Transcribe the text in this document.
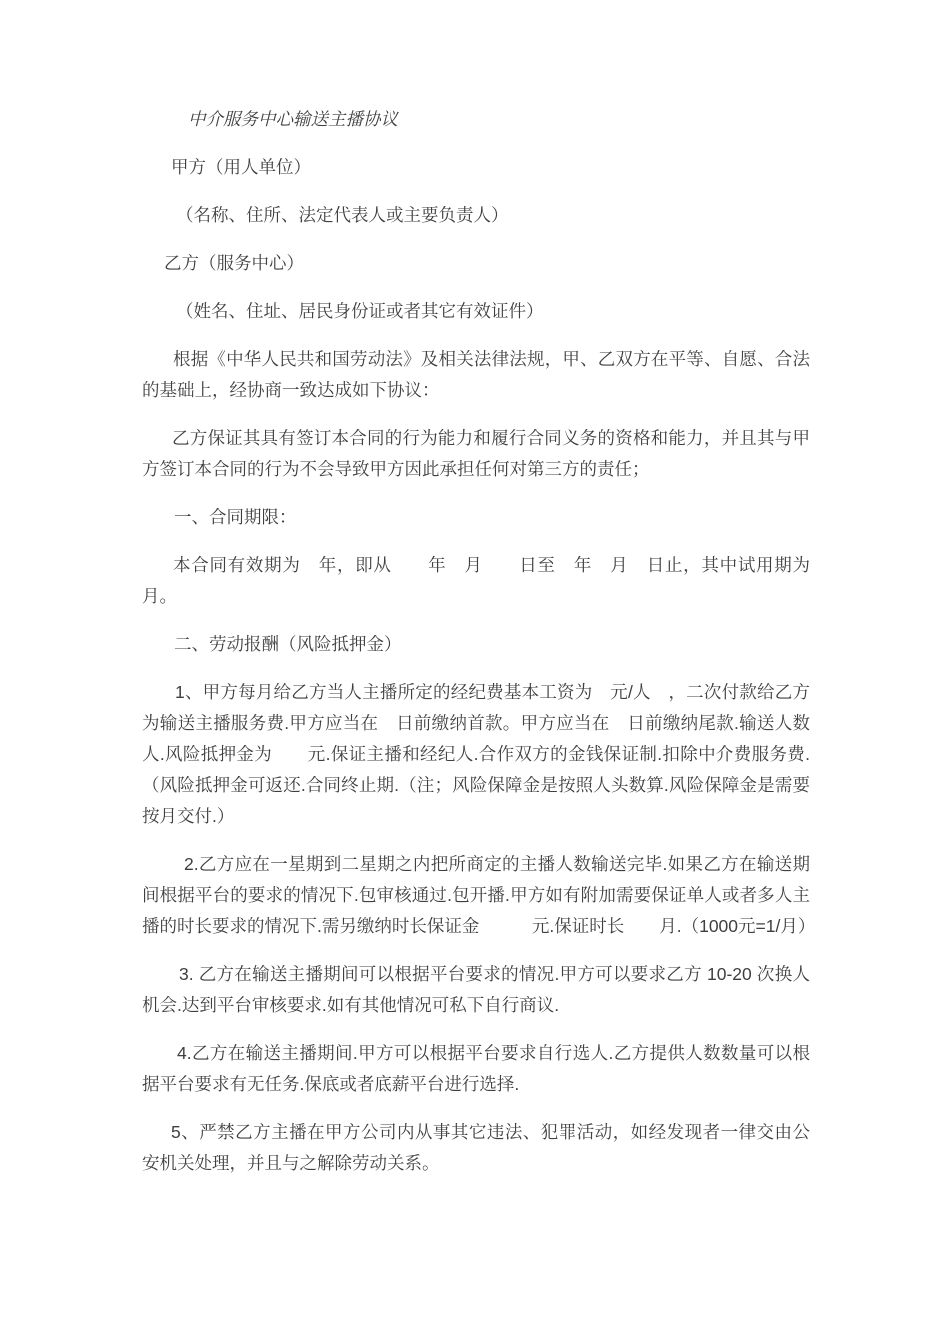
中介服务中心输送主播协议

甲方（用人单位）

（名称、住所、法定代表人或主要负责人）

乙方（服务中心）

（姓名、住址、居民身份证或者其它有效证件）

根据《中华人民共和国劳动法》及相关法律法规，甲、乙双方在平等、自愿、合法的基础上，经协商一致达成如下协议：

乙方保证其具有签订本合同的行为能力和履行合同义务的资格和能力，并且其与甲方签订本合同的行为不会导致甲方因此承担任何对第三方的责任；

一、合同期限：

本合同有效期为　年，即从　　年　月　　日至　年　月　日止，其中试用期为　月。

二、劳动报酬（风险抵押金）

1、甲方每月给乙方当人主播所定的经纪费基本工资为　元/人　，二次付款给乙方为输送主播服务费.甲方应当在　日前缴纳首款。甲方应当在　日前缴纳尾款.输送人数　　人.风险抵押金为　　元.保证主播和经纪人.合作双方的金钱保证制.扣除中介费服务费.（风险抵押金可返还.合同终止期.（注；风险保障金是按照人头数算.风险保障金是需要按月交付.）

2.乙方应在一星期到二星期之内把所商定的主播人数输送完毕.如果乙方在输送期间根据平台的要求的情况下.包审核通过.包开播.甲方如有附加需要保证单人或者多人主播的时长要求的情况下.需另缴纳时长保证金　　　元.保证时长　　月.（1000元=1/月）

3. 乙方在输送主播期间可以根据平台要求的情况.甲方可以要求乙方 10-20 次换人机会.达到平台审核要求.如有其他情况可私下自行商议.

4.乙方在输送主播期间.甲方可以根据平台要求自行选人.乙方提供人数数量可以根据平台要求有无任务.保底或者底薪平台进行选择.

5、严禁乙方主播在甲方公司内从事其它违法、犯罪活动，如经发现者一律交由公安机关处理，并且与之解除劳动关系。
